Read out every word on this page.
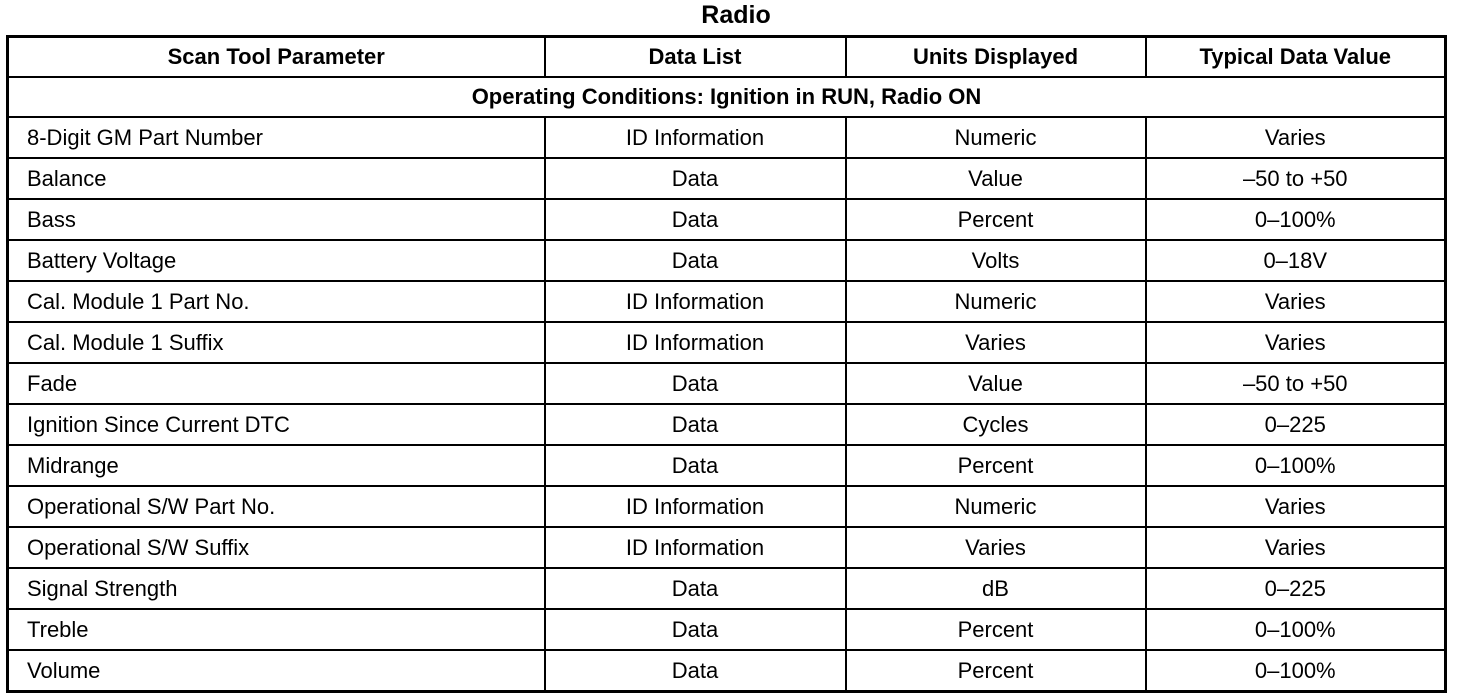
Radio
Scan Tool Parameter	Data List	Units Displayed	Typical Data Value
Operating Conditions: Ignition in RUN, Radio ON			
8-Digit GM Part Number	ID Information	Numeric	Varies
Balance	Data	Value	–50 to +50
Bass	Data	Percent	0–100%
Battery Voltage	Data	Volts	0–18V
Cal. Module 1 Part No.	ID Information	Numeric	Varies
Cal. Module 1 Suffix	ID Information	Varies	Varies
Fade	Data	Value	–50 to +50
Ignition Since Current DTC	Data	Cycles	0–225
Midrange	Data	Percent	0–100%
Operational S/W Part No.	ID Information	Numeric	Varies
Operational S/W Suffix	ID Information	Varies	Varies
Signal Strength	Data	dB	0–225
Treble	Data	Percent	0–100%
Volume	Data	Percent	0–100%
